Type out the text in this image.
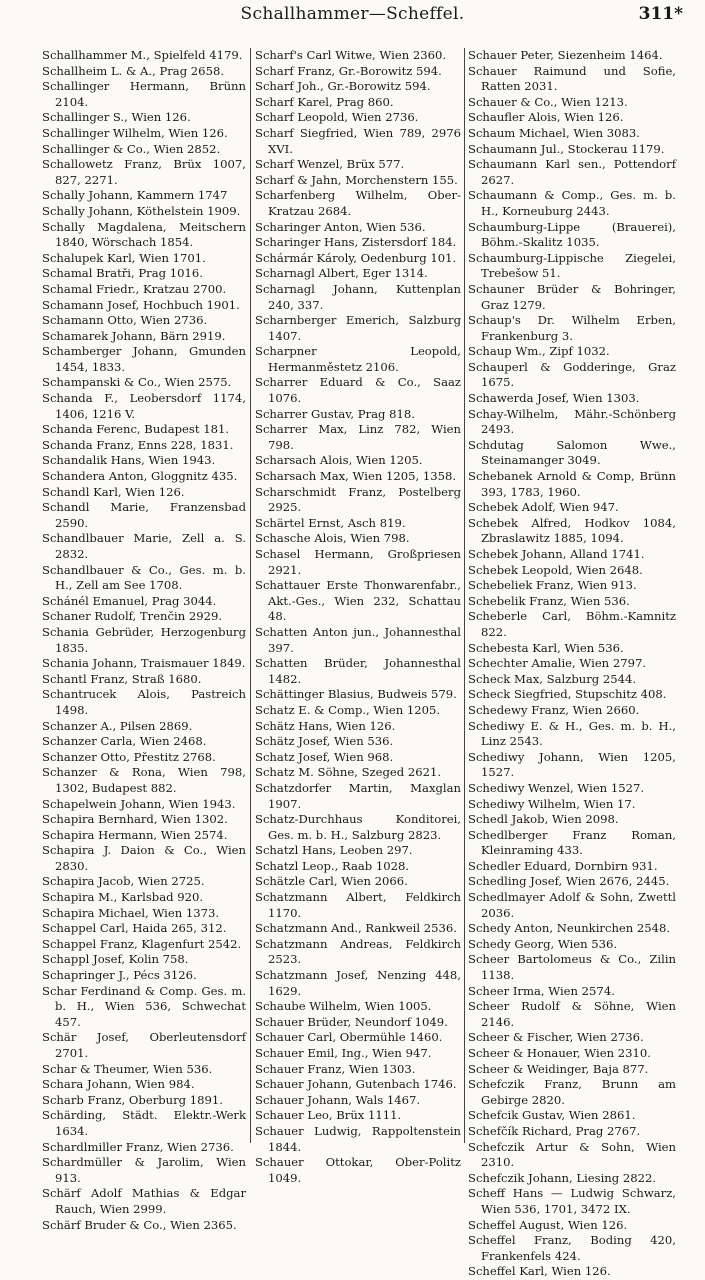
Schallhammer—Scheffel.	311*

Schallhammer M., Spielfeld 4179.

Schallheim L. & A., Prag 2658.

Schallinger Hermann, Brünn 2104.

Schallinger S., Wien 126.

Schallinger Wilhelm, Wien 126.

Schallinger & Co., Wien 2852.

Schallowetz Franz, Brüx 1007, 827, 2271.

Schally Johann, Kammern 1747

Schally Johann, Köthelstein 1909.

Schally Magdalena, Meitschern 1840, Wörschach 1854.

Schalupek Karl, Wien 1701.

Schamal Bratři, Prag 1016.

Schamal Friedr., Kratzau 2700.

Schamann Josef, Hochbuch 1901.

Schamann Otto, Wien 2736.

Schamarek Johann, Bärn 2919.

Schamberger Johann, Gmunden 1454, 1833.

Schampanski & Co., Wien 2575.

Schanda F., Leobersdorf 1174, 1406, 1216 V.

Schanda Ferenc, Budapest 181.

Schanda Franz, Enns 228, 1831.

Schandalik Hans, Wien 1943.

Schandera Anton, Gloggnitz 435.

Schandl Karl, Wien 126.

Schandl Marie, Franzensbad 2590.

Schandlbauer Marie, Zell a. S. 2832.

Schandlbauer & Co., Ges. m. b. H., Zell am See 1708.

Schánél Emanuel, Prag 3044.

Schaner Rudolf, Trenčin 2929.

Schania Gebrüder, Herzogenburg 1835.

Schania Johann, Traismauer 1849.

Schantl Franz, Straß 1680.

Schantrucek Alois, Pastreich 1498.

Schanzer A., Pilsen 2869.

Schanzer Carla, Wien 2468.

Schanzer Otto, Přestitz 2768.

Schanzer & Rona, Wien 798, 1302, Budapest 882.

Schapelwein Johann, Wien 1943.

Schapira Bernhard, Wien 1302.

Schapira Hermann, Wien 2574.

Schapira J. Daion & Co., Wien 2830.

Schapira Jacob, Wien 2725.

Schapira M., Karlsbad 920.

Schapira Michael, Wien 1373.

Schappel Carl, Haida 265, 312.

Schappel Franz, Klagenfurt 2542.

Schappl Josef, Kolin 758.

Schapringer J., Pécs 3126.

Schar Ferdinand & Comp. Ges. m. b. H., Wien 536, Schwechat 457.

Schär Josef, Oberleutensdorf 2701.

Schar & Theumer, Wien 536.

Schara Johann, Wien 984.

Scharb Franz, Oberburg 1891.

Schärding, Städt. Elektr.-Werk 1634.

Schardlmiller Franz, Wien 2736.

Schardmüller & Jarolim, Wien 913.

Schärf Adolf Mathias & Edgar Rauch, Wien 2999.

Schärf Bruder & Co., Wien 2365.

Scharf's Carl Witwe, Wien 2360.

Scharf Franz, Gr.-Borowitz 594.

Scharf Joh., Gr.-Borowitz 594.

Scharf Karel, Prag 860.

Scharf Leopold, Wien 2736.

Scharf Siegfried, Wien 789, 2976 XVI.

Scharf Wenzel, Brüx 577.

Scharf & Jahn, Morchenstern 155.

Scharfenberg Wilhelm, Ober-Kratzau 2684.

Scharinger Anton, Wien 536.

Scharinger Hans, Zistersdorf 184.

Schármár Károly, Oedenburg 101.

Scharnagl Albert, Eger 1314.

Scharnagl Johann, Kuttenplan 240, 337.

Scharnberger Emerich, Salzburg 1407.

Scharpner Leopold, Hermanměstetz 2106.

Scharrer Eduard & Co., Saaz 1076.

Scharrer Gustav, Prag 818.

Scharrer Max, Linz 782, Wien 798.

Scharsach Alois, Wien 1205.

Scharsach Max, Wien 1205, 1358.

Scharschmidt Franz, Postelberg 2925.

Schärtel Ernst, Asch 819.

Schasche Alois, Wien 798.

Schasel Hermann, Großpriesen 2921.

Schattauer Erste Thonwarenfabr., Akt.-Ges., Wien 232, Schattau 48.

Schatten Anton jun., Johannesthal 397.

Schatten Brüder, Johannesthal 1482.

Schättinger Blasius, Budweis 579.

Schatz E. & Comp., Wien 1205.

Schätz Hans, Wien 126.

Schätz Josef, Wien 536.

Schatz Josef, Wien 968.

Schatz M. Söhne, Szeged 2621.

Schatzdorfer Martin, Maxglan 1907.

Schatz-Durchhaus Konditorei, Ges. m. b. H., Salzburg 2823.

Schatzl Hans, Leoben 297.

Schatzl Leop., Raab 1028.

Schätzle Carl, Wien 2066.

Schatzmann Albert, Feldkirch 1170.

Schatzmann And., Rankweil 2536.

Schatzmann Andreas, Feldkirch 2523.

Schatzmann Josef, Nenzing 448, 1629.

Schaube Wilhelm, Wien 1005.

Schauer Brüder, Neundorf 1049.

Schauer Carl, Obermühle 1460.

Schauer Emil, Ing., Wien 947.

Schauer Franz, Wien 1303.

Schauer Johann, Gutenbach 1746.

Schauer Johann, Wals 1467.

Schauer Leo, Brüx 1111.

Schauer Ludwig, Rappoltenstein 1844.

Schauer Ottokar, Ober-Politz 1049.

Schauer Peter, Siezenheim 1464.

Schauer Raimund und Sofie, Ratten 2031.

Schauer & Co., Wien 1213.

Schaufler Alois, Wien 126.

Schaum Michael, Wien 3083.

Schaumann Jul., Stockerau 1179.

Schaumann Karl sen., Pottendorf 2627.

Schaumann & Comp., Ges. m. b. H., Korneuburg 2443.

Schaumburg-Lippe (Brauerei), Böhm.-Skalitz 1035.

Schaumburg-Lippische Ziegelei, Trebešow 51.

Schauner Brüder & Bohringer, Graz 1279.

Schaup's Dr. Wilhelm Erben, Frankenburg 3.

Schaup Wm., Zipf 1032.

Schauperl & Godderinge, Graz 1675.

Schawerda Josef, Wien 1303.

Schay-Wilhelm, Mähr.-Schönberg 2493.

Schdutag Salomon Wwe., Steinamanger 3049.

Schebanek Arnold & Comp, Brünn 393, 1783, 1960.

Schebek Adolf, Wien 947.

Schebek Alfred, Hodkov 1084, Zbraslawitz 1885, 1094.

Schebek Johann, Alland 1741.

Schebek Leopold, Wien 2648.

Schebeliek Franz, Wien 913.

Schebelik Franz, Wien 536.

Scheberle Carl, Böhm.-Kamnitz 822.

Schebesta Karl, Wien 536.

Schechter Amalie, Wien 2797.

Scheck Max, Salzburg 2544.

Scheck Siegfried, Stupschitz 408.

Schedewy Franz, Wien 2660.

Schediwy E. & H., Ges. m. b. H., Linz 2543.

Schediwy Johann, Wien 1205, 1527.

Schediwy Wenzel, Wien 1527.

Schediwy Wilhelm, Wien 17.

Schedl Jakob, Wien 2098.

Schedlberger Franz Roman, Kleinraming 433.

Schedler Eduard, Dornbirn 931.

Schedling Josef, Wien 2676, 2445.

Schedlmayer Adolf & Sohn, Zwettl 2036.

Schedy Anton, Neunkirchen 2548.

Schedy Georg, Wien 536.

Scheer Bartolomeus & Co., Zilin 1138.

Scheer Irma, Wien 2574.

Scheer Rudolf & Söhne, Wien 2146.

Scheer & Fischer, Wien 2736.

Scheer & Honauer, Wien 2310.

Scheer & Weidinger, Baja 877.

Schefczik Franz, Brunn am Gebirge 2820.

Schefcik Gustav, Wien 2861.

Schefčík Richard, Prag 2767.

Schefczik Artur & Sohn, Wien 2310.

Schefczik Johann, Liesing 2822.

Scheff Hans — Ludwig Schwarz, Wien 536, 1701, 3472 IX.

Scheffel August, Wien 126.

Scheffel Franz, Boding 420, Frankenfels 424.

Scheffel Karl, Wien 126.
